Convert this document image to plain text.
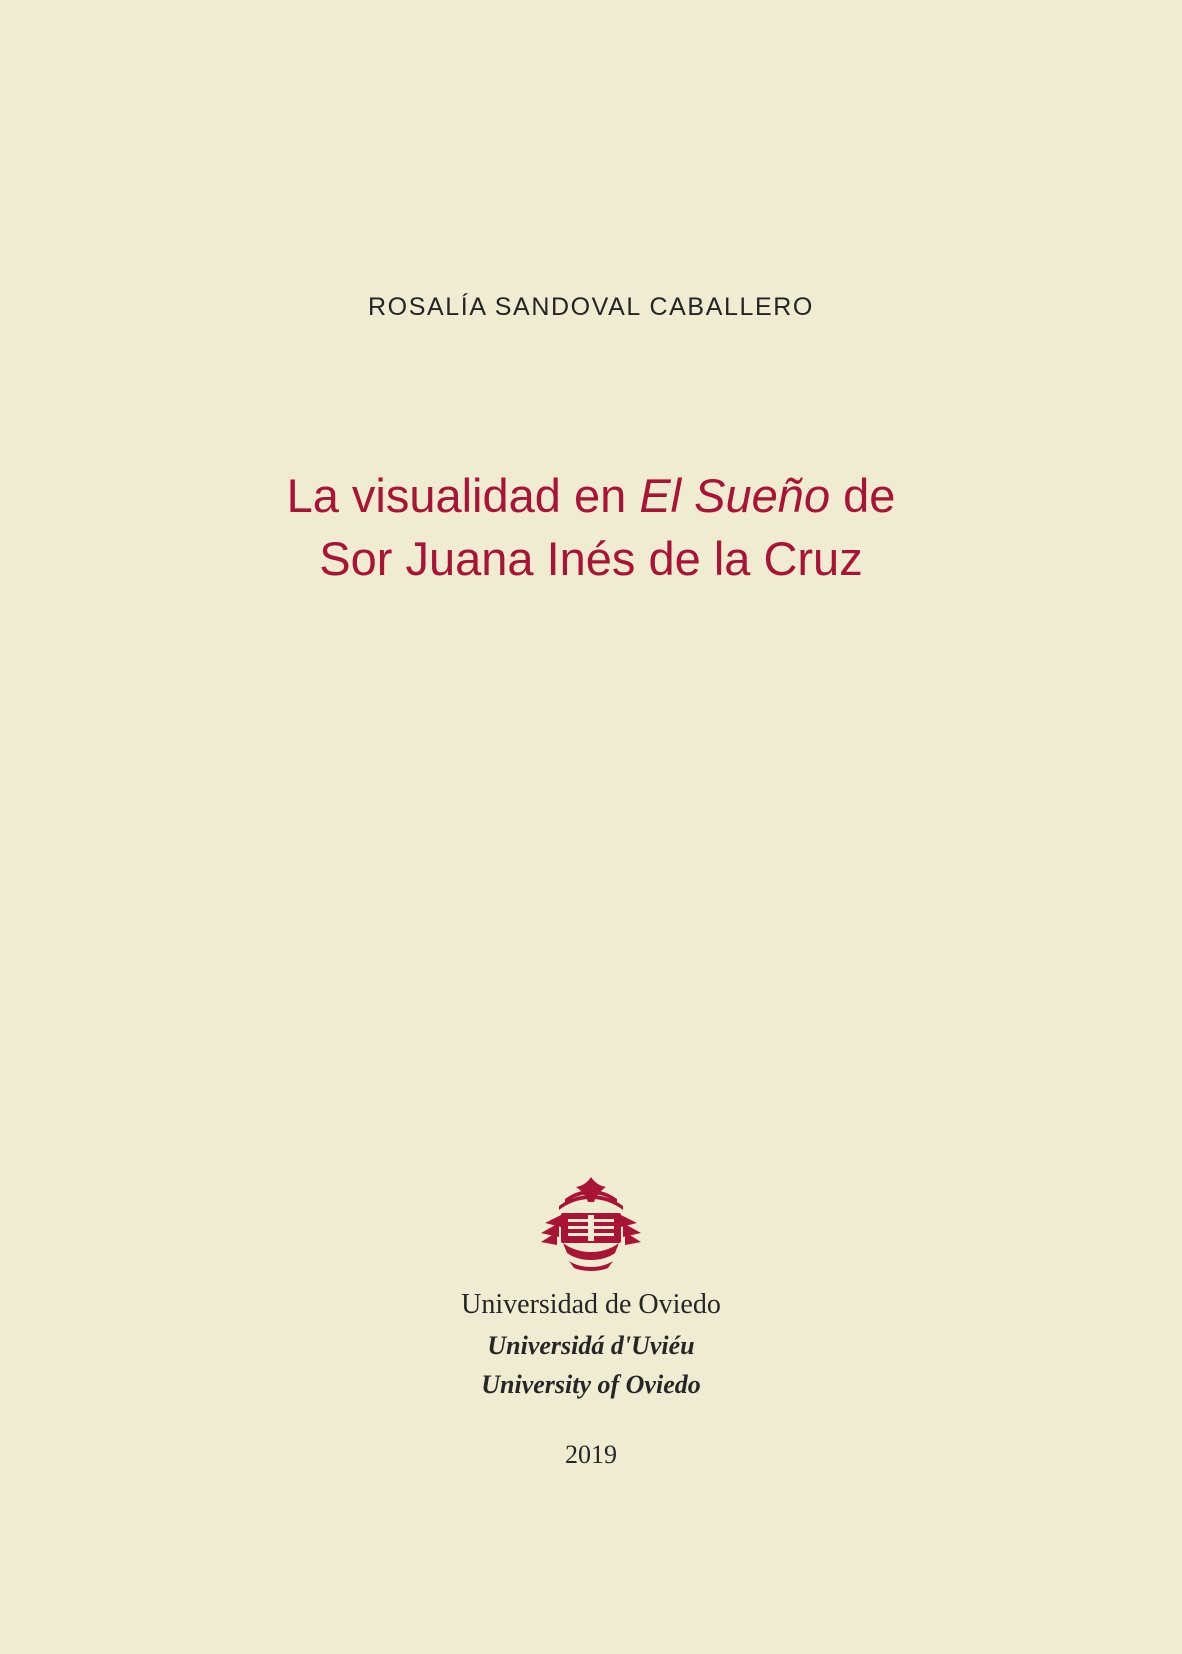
ROSALÍA SANDOVAL CABALLERO
La visualidad en El Sueño de
Sor Juana Inés de la Cruz
Universidad de Oviedo
Universidá d'Uviéu
University of Oviedo
2019
